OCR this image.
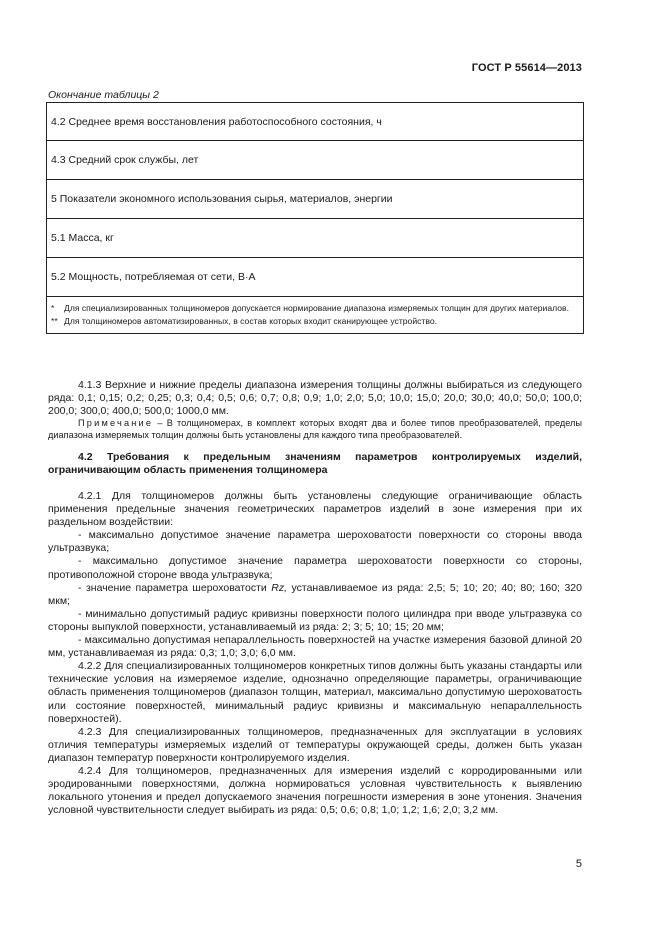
ГОСТ Р 55614—2013
Окончание таблицы 2
4.2 Среднее время восстановления работоспособного состояния, ч
4.3 Средний срок службы, лет
5 Показатели экономного использования сырья, материалов, энергии
5.1 Масса, кг
5.2 Мощность, потребляемая от сети, В·А
* Для специализированных толщиномеров допускается нормирование диапазона измеряемых толщин для других материалов.
** Для толщиномеров автоматизированных, в состав которых входит сканирующее устройство.

4.1.3 Верхние и нижние пределы диапазона измерения толщины должны выбираться из следующего ряда: 0,1; 0,15; 0,2; 0,25; 0,3; 0,4; 0,5; 0,6; 0,7; 0,8; 0,9; 1,0; 2,0; 5,0; 10,0; 15,0; 20,0; 30,0; 40,0; 50,0; 100,0; 200,0; 300,0; 400,0; 500,0; 1000,0 мм.

Примечание – В толщиномерах, в комплект которых входят два и более типов преобразователей, пределы диапазона измеряемых толщин должны быть установлены для каждого типа преобразователей.

4.2 Требования к предельным значениям параметров контролируемых изделий, ограничивающим область применения толщиномера

4.2.1 Для толщиномеров должны быть установлены следующие ограничивающие область применения предельные значения геометрических параметров изделий в зоне измерения при их раздельном воздействии:

- максимально допустимое значение параметра шероховатости поверхности со стороны ввода ультразвука;

- максимально допустимое значение параметра шероховатости поверхности со стороны, противоположной стороне ввода ультразвука;

- значение параметра шероховатости Rz, устанавливаемое из ряда: 2,5; 5; 10; 20; 40; 80; 160; 320 мкм;

- минимально допустимый радиус кривизны поверхности полого цилиндра при вводе ультразвука со стороны выпуклой поверхности, устанавливаемый из ряда: 2; 3; 5; 10; 15; 20 мм;

- максимально допустимая непараллельность поверхностей на участке измерения базовой длиной 20 мм, устанавливаемая из ряда: 0,3; 1,0; 3,0; 6,0 мм.

4.2.2 Для специализированных толщиномеров конкретных типов должны быть указаны стандарты или технические условия на измеряемое изделие, однозначно определяющие параметры, ограничивающие область применения толщиномеров (диапазон толщин, материал, максимально допустимую шероховатость или состояние поверхностей, минимальный радиус кривизны и максимальную непараллельность поверхностей).

4.2.3 Для специализированных толщиномеров, предназначенных для эксплуатации в условиях отличия температуры измеряемых изделий от температуры окружающей среды, должен быть указан диапазон температур поверхности контролируемого изделия.

4.2.4 Для толщиномеров, предназначенных для измерения изделий с корродированными или эродированными поверхностями, должна нормироваться условная чувствительность к выявлению локального утонения и предел допускаемого значения погрешности измерения в зоне утонения. Значения условной чувствительности следует выбирать из ряда: 0,5; 0,6; 0,8; 1,0; 1,2; 1,6; 2,0; 3,2 мм.

5
